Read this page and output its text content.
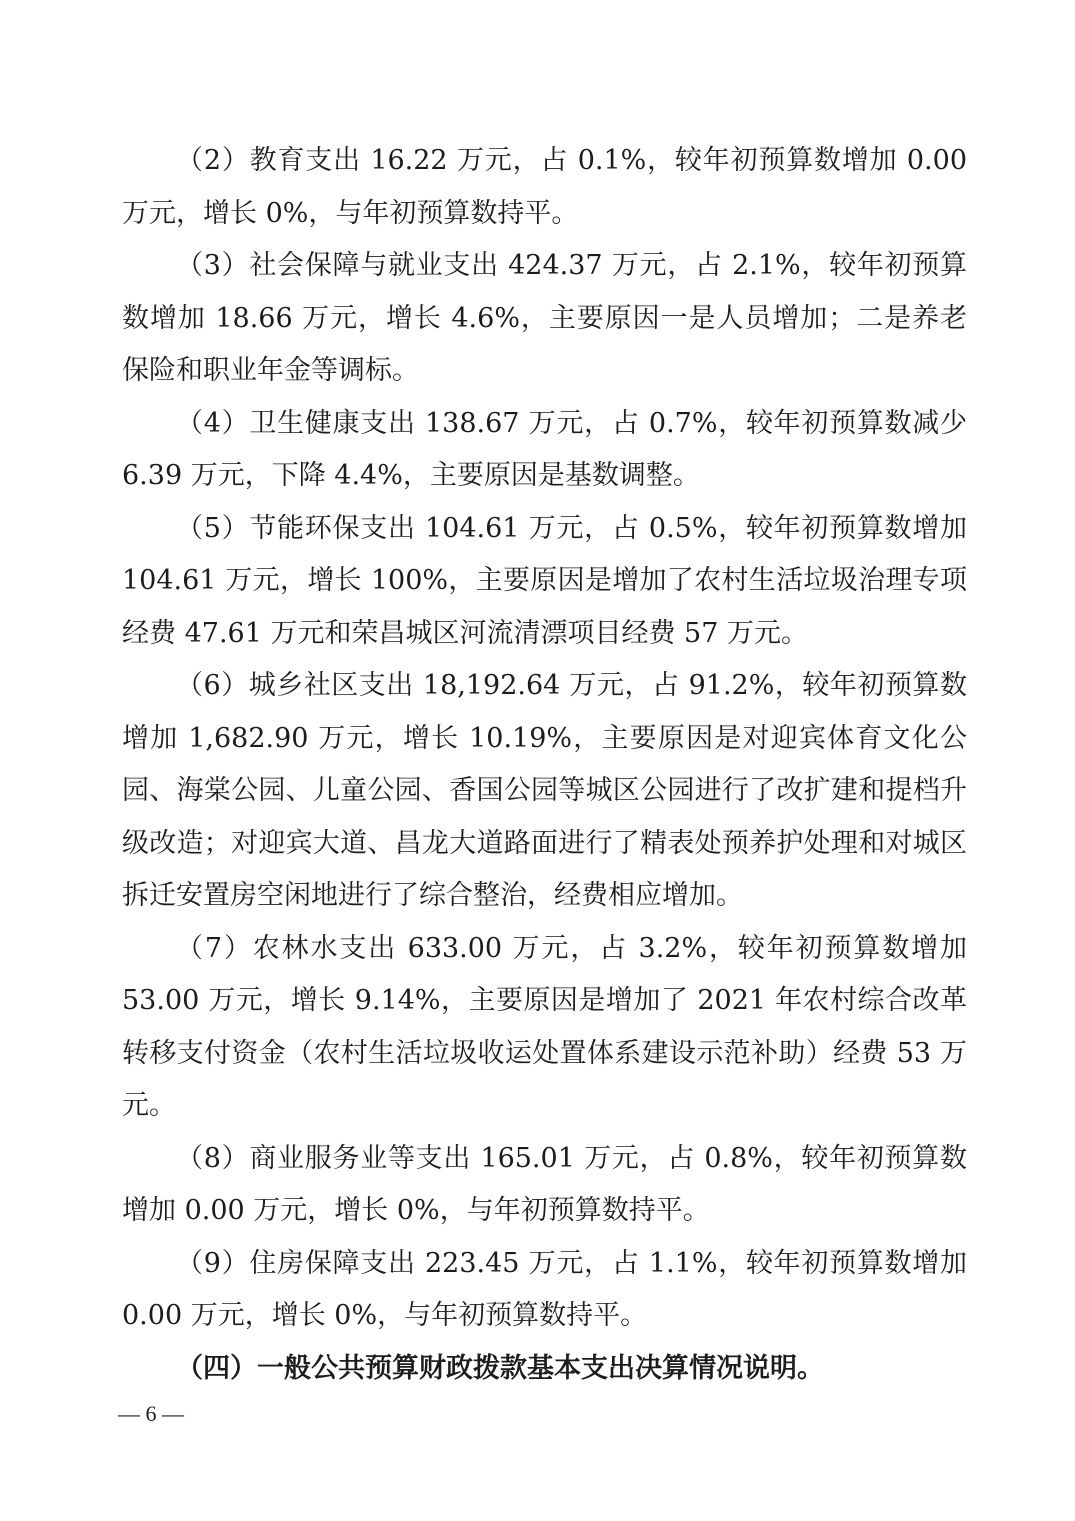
（2）教育支出 16.22 万元，占 0.1%，较年初预算数增加 0.00 万元，增长 0%，与年初预算数持平。

（3）社会保障与就业支出 424.37 万元，占 2.1%，较年初预算数增加 18.66 万元，增长 4.6%，主要原因一是人员增加；二是养老保险和职业年金等调标。

（4）卫生健康支出 138.67 万元，占 0.7%，较年初预算数减少 6.39 万元，下降 4.4%，主要原因是基数调整。

（5）节能环保支出 104.61 万元，占 0.5%，较年初预算数增加 104.61 万元，增长 100%，主要原因是增加了农村生活垃圾治理专项经费 47.61 万元和荣昌城区河流清漂项目经费 57 万元。

（6）城乡社区支出 18,192.64 万元，占 91.2%，较年初预算数增加 1,682.90 万元，增长 10.19%，主要原因是对迎宾体育文化公园、海棠公园、儿童公园、香国公园等城区公园进行了改扩建和提档升级改造；对迎宾大道、昌龙大道路面进行了精表处预养护处理和对城区拆迁安置房空闲地进行了综合整治，经费相应增加。

（7）农林水支出 633.00 万元，占 3.2%，较年初预算数增加 53.00 万元，增长 9.14%，主要原因是增加了 2021 年农村综合改革转移支付资金（农村生活垃圾收运处置体系建设示范补助）经费 53 万元。

（8）商业服务业等支出 165.01 万元，占 0.8%，较年初预算数增加 0.00 万元，增长 0%，与年初预算数持平。

（9）住房保障支出 223.45 万元，占 1.1%，较年初预算数增加 0.00 万元，增长 0%，与年初预算数持平。

（四）一般公共预算财政拨款基本支出决算情况说明。

— 6 —
